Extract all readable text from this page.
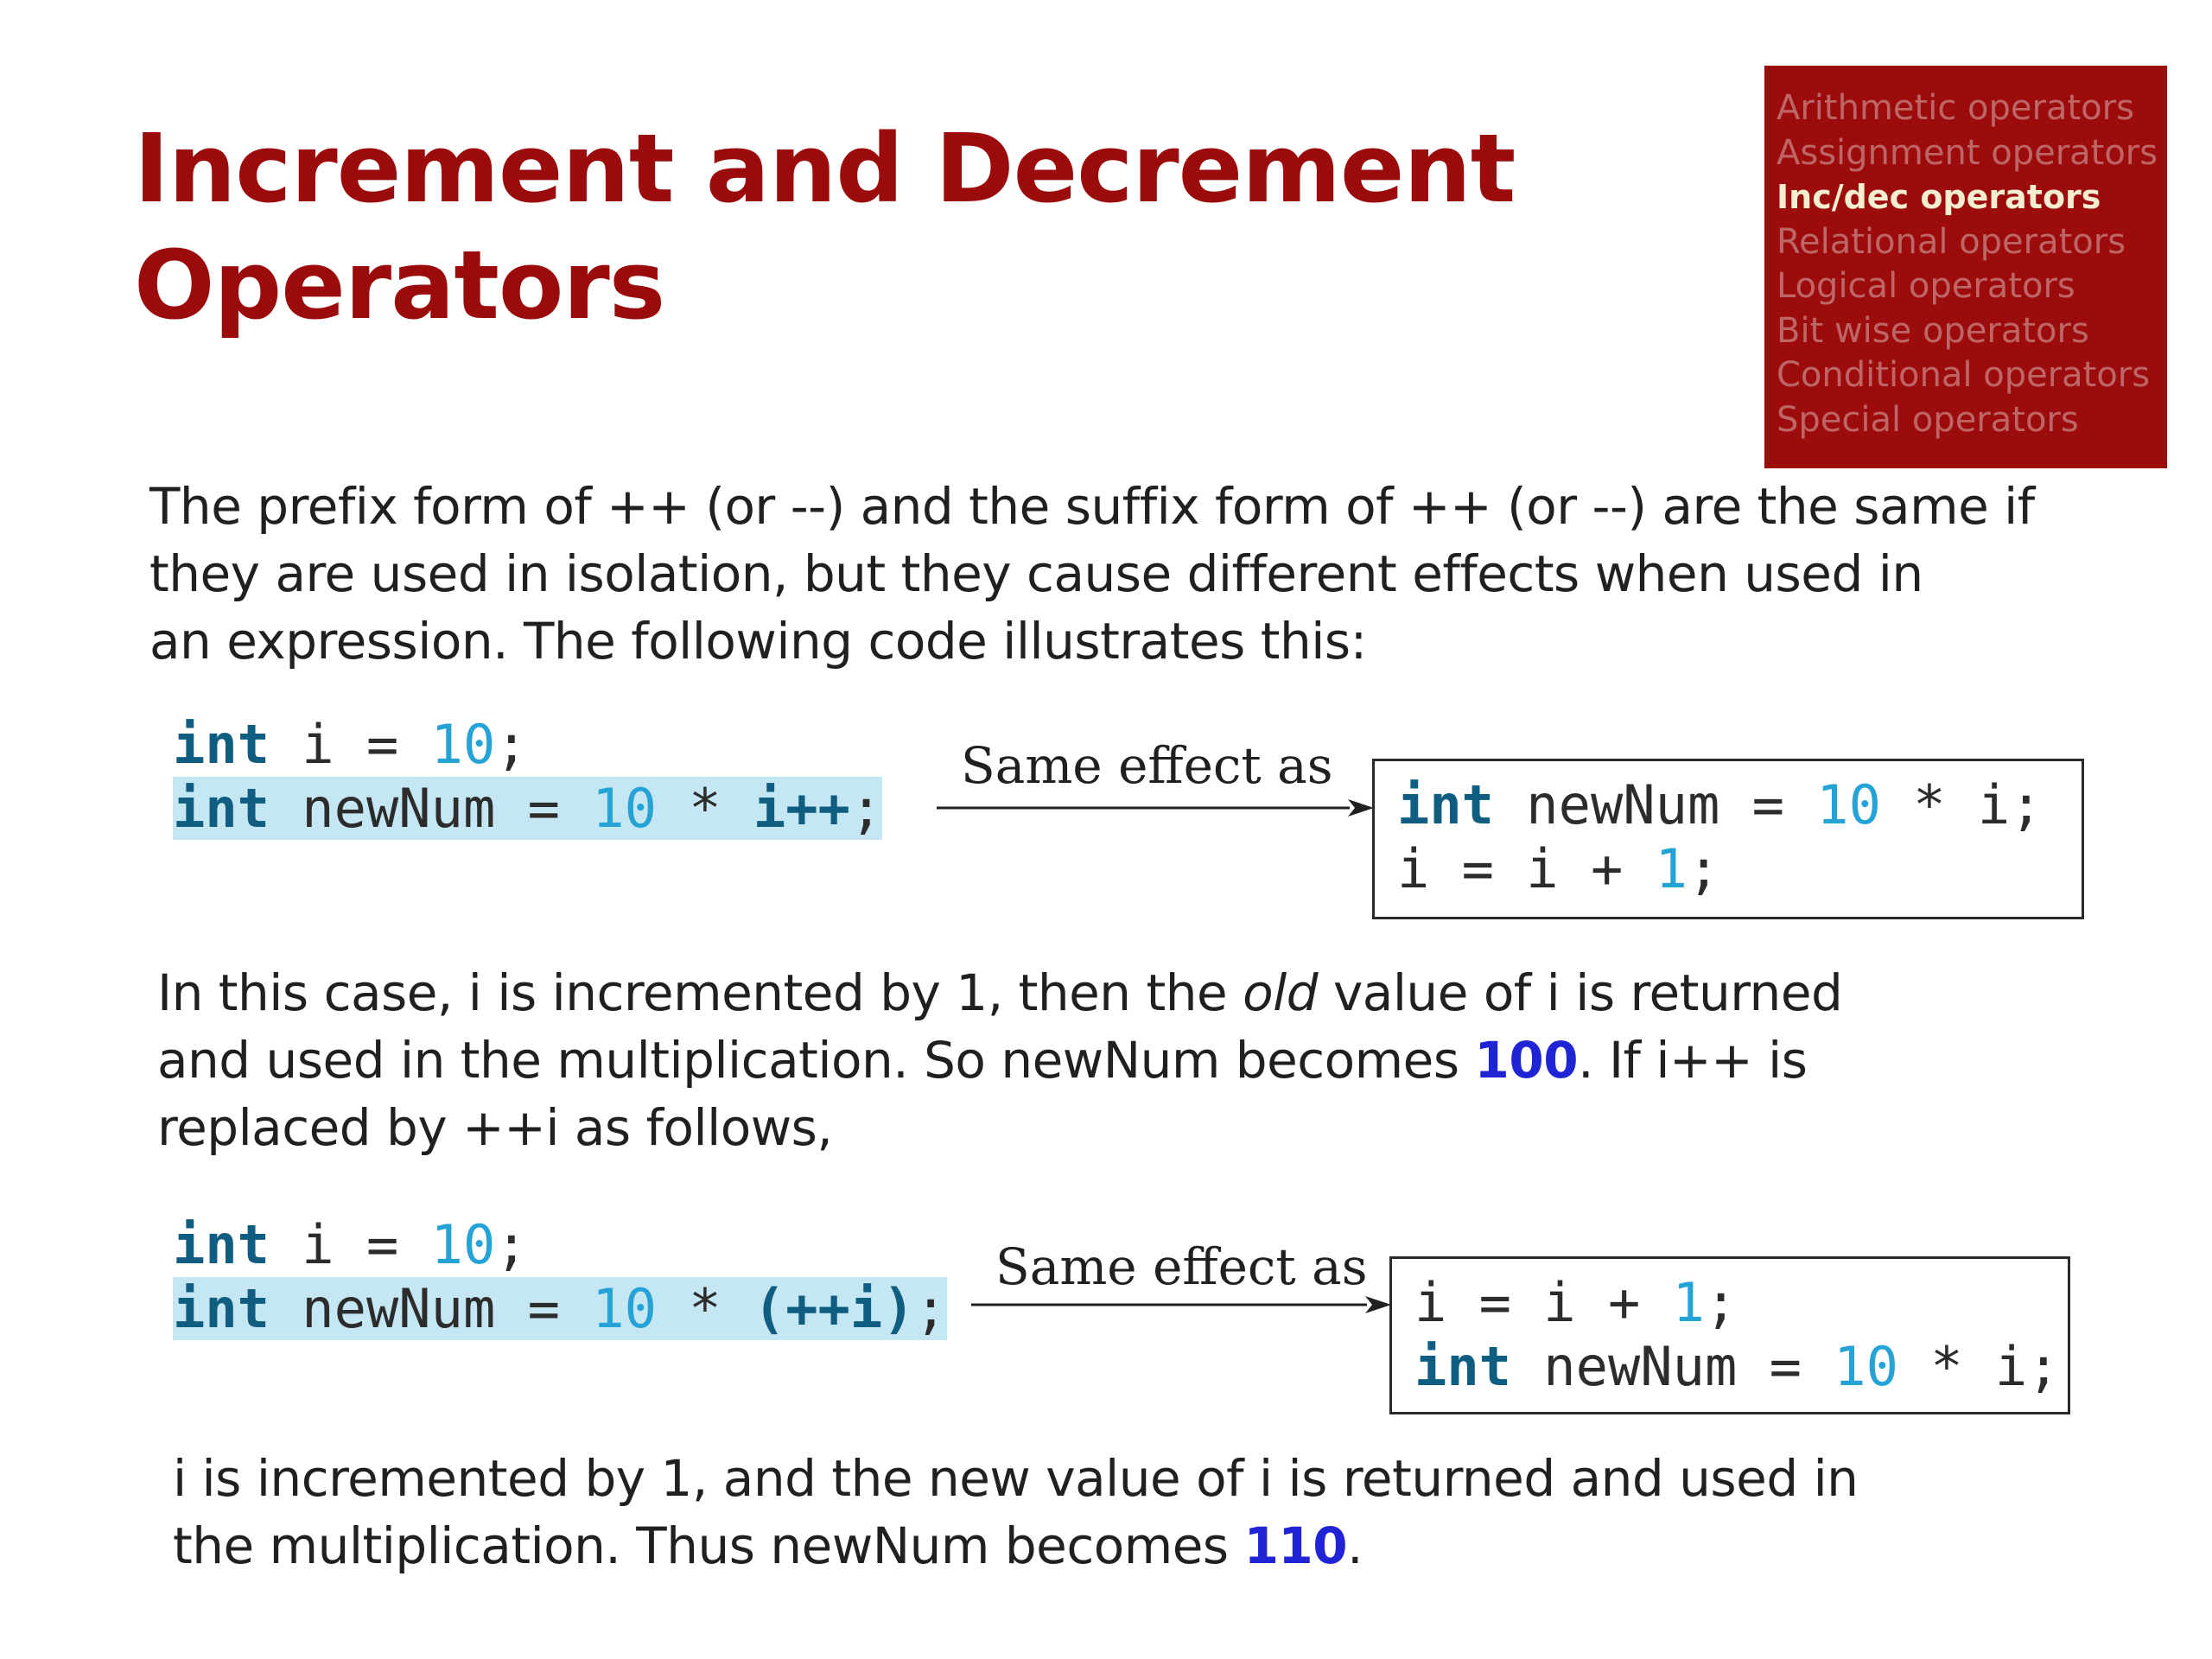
Increment and Decrement
Operators
Arithmetic operators
Assignment operators
Inc/dec operators
Relational operators
Logical operators
Bit wise operators
Conditional operators
Special operators

The prefix form of ++ (or --) and the suffix form of ++ (or --) are the same if
they are used in isolation, but they cause different effects when used in
an expression. The following code illustrates this:

int i = 10;
int newNum = 10 * i++;
Same effect as
int newNum = 10 * i;
i = i + 1;

In this case, i is incremented by 1, then the old value of i is returned
and used in the multiplication. So newNum becomes 100. If i++ is
replaced by ++i as follows,

int i = 10;
int newNum = 10 * (++i);
Same effect as
i = i + 1;
int newNum = 10 * i;

i is incremented by 1, and the new value of i is returned and used in
the multiplication. Thus newNum becomes 110.
